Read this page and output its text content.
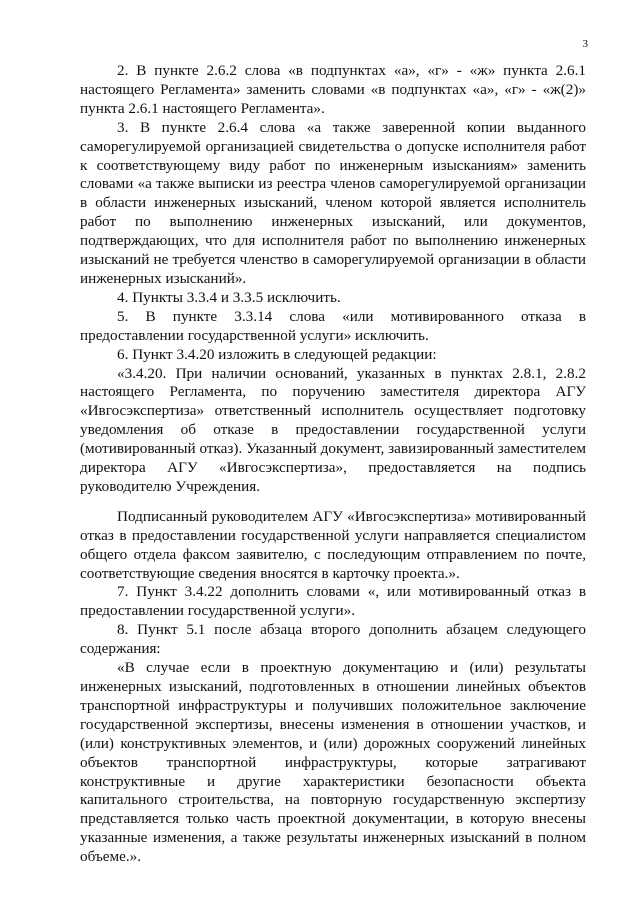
3

2. В пункте 2.6.2 слова «в подпунктах «а», «г» - «ж» пункта 2.6.1 настоящего Регламента» заменить словами «в подпунктах «а», «г» - «ж(2)» пункта 2.6.1 настоящего Регламента».

3. В пункте 2.6.4 слова «а также заверенной копии выданного саморегулируемой организацией свидетельства о допуске исполнителя работ к соответствующему виду работ по инженерным изысканиям» заменить словами «а также выписки из реестра членов саморегулируемой организации в области инженерных изысканий, членом которой является исполнитель работ по выполнению инженерных изысканий, или документов, подтверждающих, что для исполнителя работ по выполнению инженерных изысканий не требуется членство в саморегулируемой организации в области инженерных изысканий».

4. Пункты 3.3.4 и 3.3.5 исключить.

5. В пункте 3.3.14 слова «или мотивированного отказа в предоставлении государственной услуги» исключить.

6. Пункт 3.4.20 изложить в следующей редакции:

«3.4.20. При наличии оснований, указанных в пунктах 2.8.1, 2.8.2 настоящего Регламента, по поручению заместителя директора АГУ «Ивгосэкспертиза» ответственный исполнитель осуществляет подготовку уведомления об отказе в предоставлении государственной услуги (мотивированный отказ). Указанный документ, завизированный заместителем директора АГУ «Ивгосэкспертиза», предоставляется на подпись руководителю Учреждения.

Подписанный руководителем АГУ «Ивгосэкспертиза» мотивированный отказ в предоставлении государственной услуги направляется специалистом общего отдела факсом заявителю, с последующим отправлением по почте, соответствующие сведения вносятся в карточку проекта.».

7. Пункт 3.4.22 дополнить словами «, или мотивированный отказ в предоставлении государственной услуги».

8. Пункт 5.1 после абзаца второго дополнить абзацем следующего содержания:

«В случае если в проектную документацию и (или) результаты инженерных изысканий, подготовленных в отношении линейных объектов транспортной инфраструктуры и получивших положительное заключение государственной экспертизы, внесены изменения в отношении участков, и (или) конструктивных элементов, и (или) дорожных сооружений линейных объектов транспортной инфраструктуры, которые затрагивают конструктивные и другие характеристики безопасности объекта капитального строительства, на повторную государственную экспертизу представляется только часть проектной документации, в которую внесены указанные изменения, а также результаты инженерных изысканий в полном объеме.».
